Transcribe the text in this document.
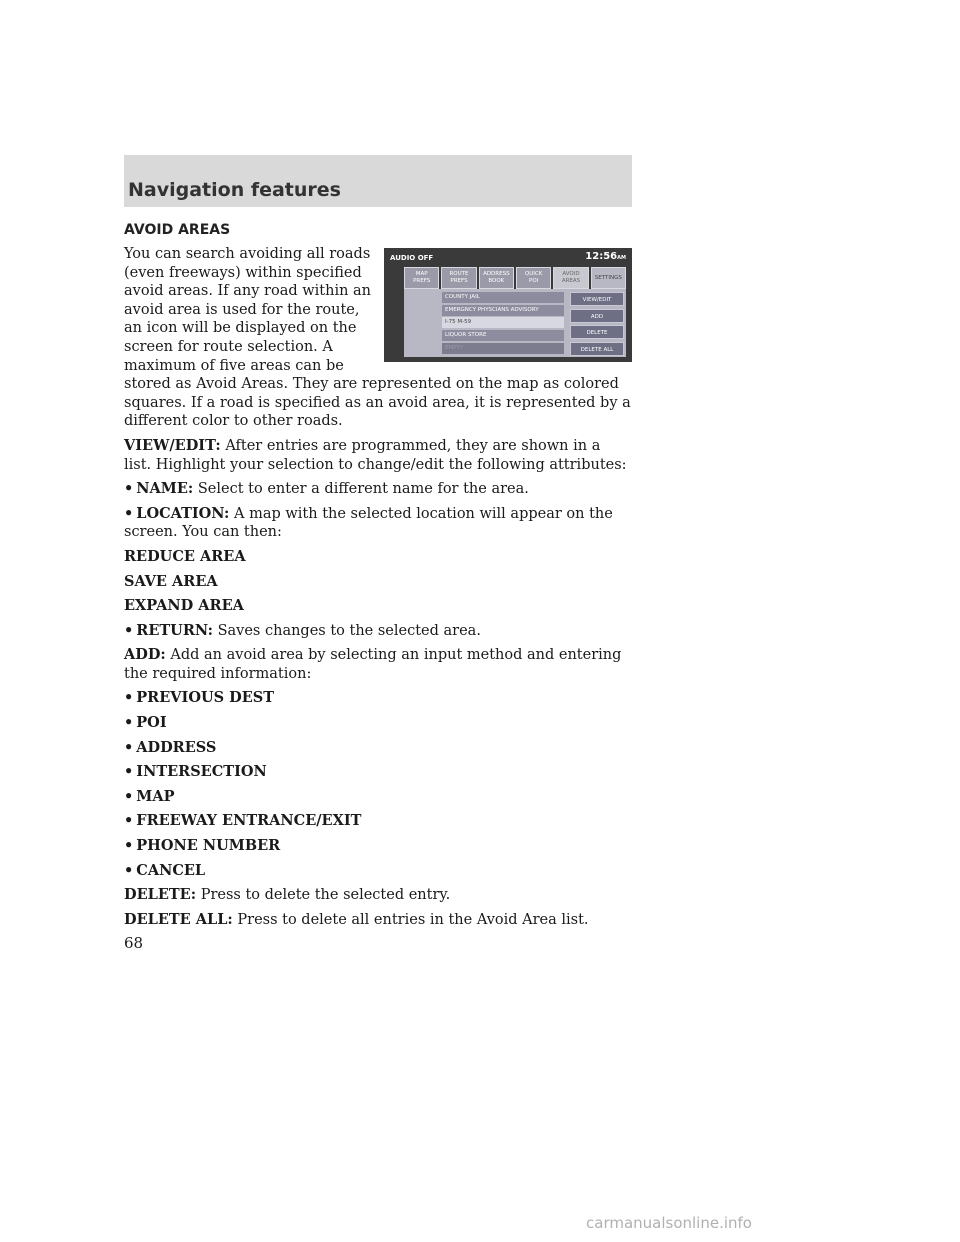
Navigation features
AVOID AREAS
AUDIO OFF	12:56AM
MAP
PREFS
ROUTE
PREFS
ADDRESS
BOOK
QUICK
POI
AVOID
AREAS	SETTINGS
COUNTY JAIL
EMERGNCY PHYSCIANS ADVISORY
I-75 M-59
LIQUOR STORE
EMPTY
VIEW/EDIT
ADD
DELETE
DELETE ALL

You can search avoiding all roads (even freeways) within specified avoid areas. If any road within an avoid area is used for the route, an icon will be displayed on the screen for route selection. A maximum of five areas can be stored as Avoid Areas. They are represented on the map as colored squares. If a road is specified as an avoid area, it is represented by a different color to other roads.

VIEW/EDIT: After entries are programmed, they are shown in a list. Highlight your selection to change/edit the following attributes:

• NAME: Select to enter a different name for the area.

• LOCATION: A map with the selected location will appear on the screen. You can then:

REDUCE AREA

SAVE AREA

EXPAND AREA

• RETURN: Saves changes to the selected area.

ADD: Add an avoid area by selecting an input method and entering the required information:

• PREVIOUS DEST

• POI

• ADDRESS

• INTERSECTION

• MAP

• FREEWAY ENTRANCE/EXIT

• PHONE NUMBER

• CANCEL

DELETE: Press to delete the selected entry.

DELETE ALL: Press to delete all entries in the Avoid Area list.

68
carmanualsonline.info
